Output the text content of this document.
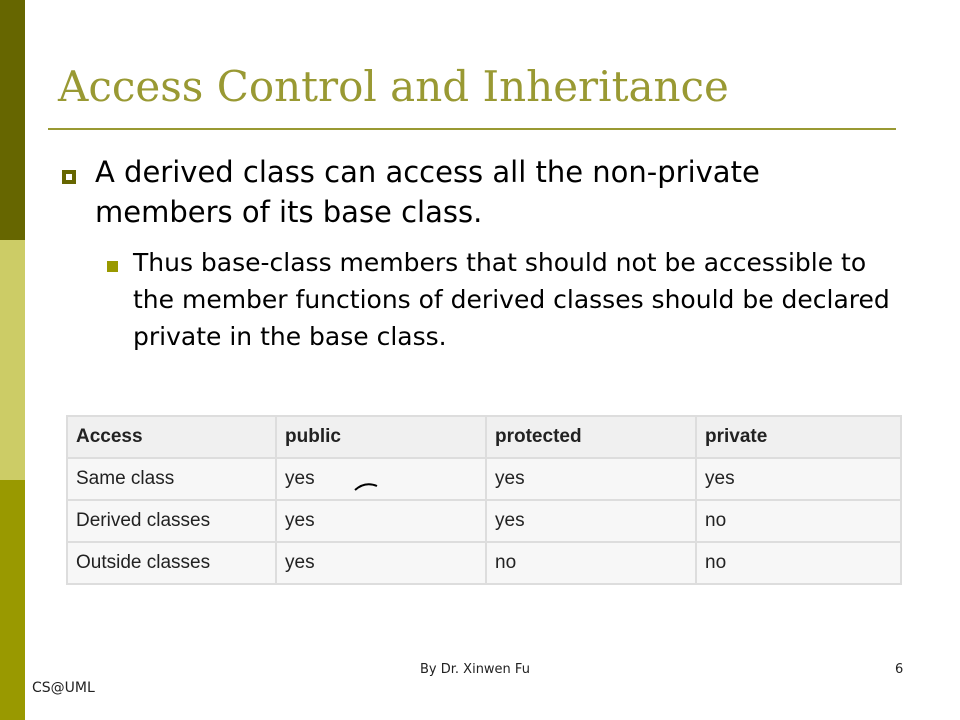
Access Control and Inheritance
A derived class can access all the non-private members of its base class.
Thus base-class members that should not be accessible to the member functions of derived classes should be declared private in the base class.
Access	public	protected	private
Same class	yes	yes	yes
Derived classes	yes	yes	no
Outside classes	yes	no	no
By Dr. Xinwen Fu	6
CS@UML
